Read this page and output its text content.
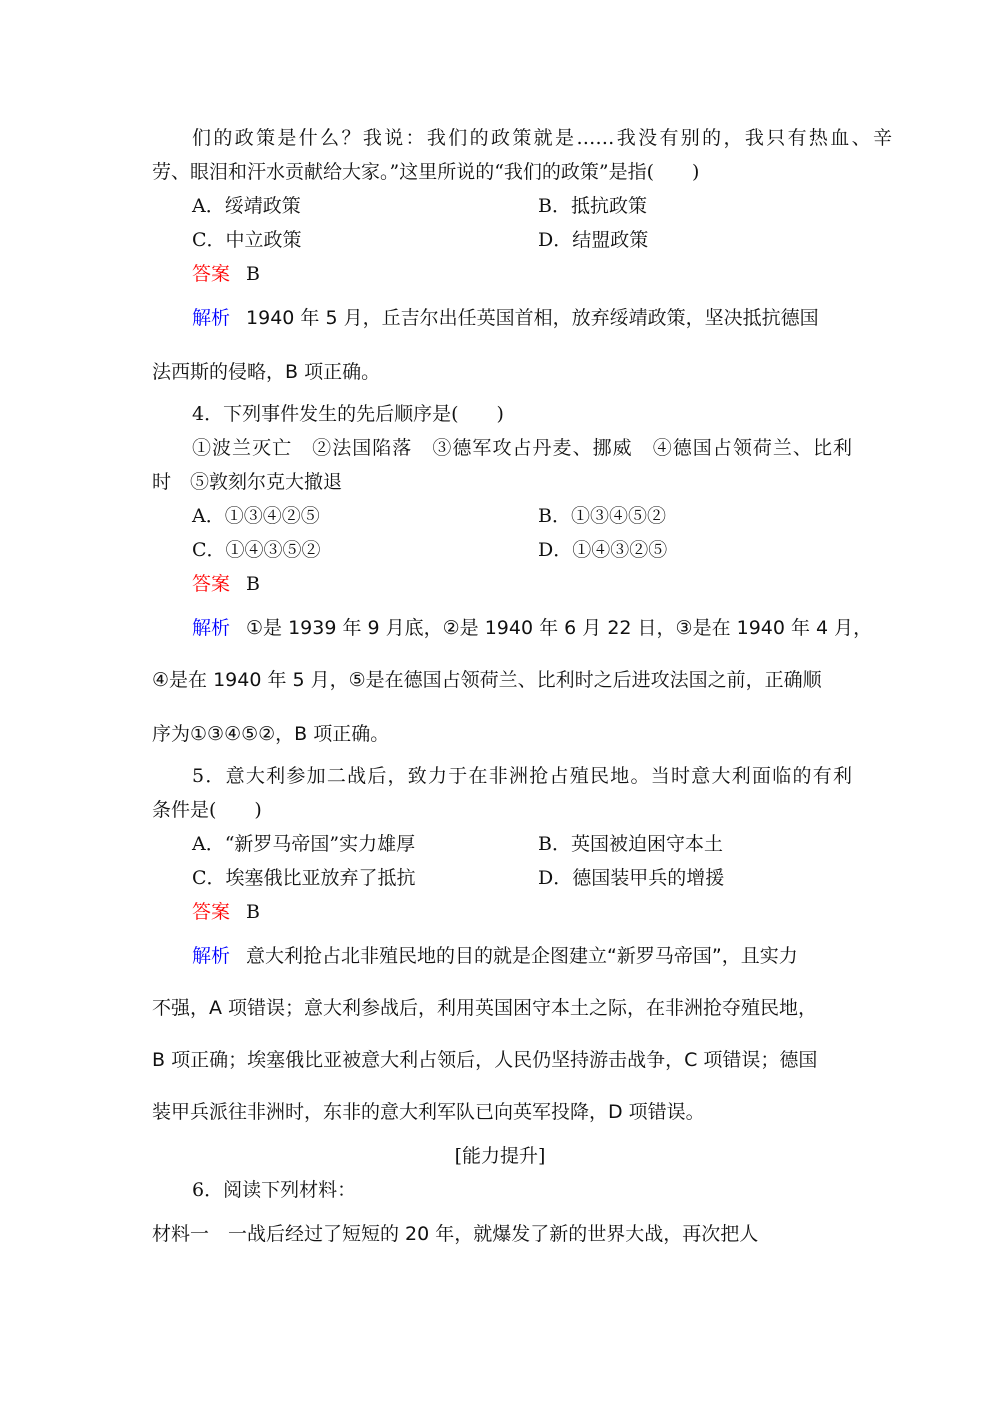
们的政策是什么？我说：我们的政策就是……我没有别的，我只有热血、辛
劳、眼泪和汗水贡献给大家。”这里所说的“我们的政策”是指(　　)
A．绥靖政策	B．抵抗政策
C．中立政策	D．结盟政策
答案 B
解析 1940 年 5 月，丘吉尔出任英国首相，放弃绥靖政策，坚决抵抗德国
法西斯的侵略，B 项正确。
4．下列事件发生的先后顺序是(　　)
①波兰灭亡　②法国陷落　③德军攻占丹麦、挪威　④德国占领荷兰、比利
时　⑤敦刻尔克大撤退
A．①③④②⑤	B．①③④⑤②
C．①④③⑤②	D．①④③②⑤
答案 B
解析 ①是 1939 年 9 月底，②是 1940 年 6 月 22 日，③是在 1940 年 4 月，
④是在 1940 年 5 月，⑤是在德国占领荷兰、比利时之后进攻法国之前，正确顺
序为①③④⑤②，B 项正确。
5．意大利参加二战后，致力于在非洲抢占殖民地。当时意大利面临的有利
条件是(　　)
A．“新罗马帝国”实力雄厚	B．英国被迫困守本土
C．埃塞俄比亚放弃了抵抗	D．德国装甲兵的增援
答案 B
解析 意大利抢占北非殖民地的目的就是企图建立“新罗马帝国”，且实力
不强，A 项错误；意大利参战后，利用英国困守本土之际，在非洲抢夺殖民地，
B 项正确；埃塞俄比亚被意大利占领后，人民仍坚持游击战争，C 项错误；德国
装甲兵派往非洲时，东非的意大利军队已向英军投降，D 项错误。
[能力提升]
6．阅读下列材料：
材料一　一战后经过了短短的 20 年，就爆发了新的世界大战，再次把人
